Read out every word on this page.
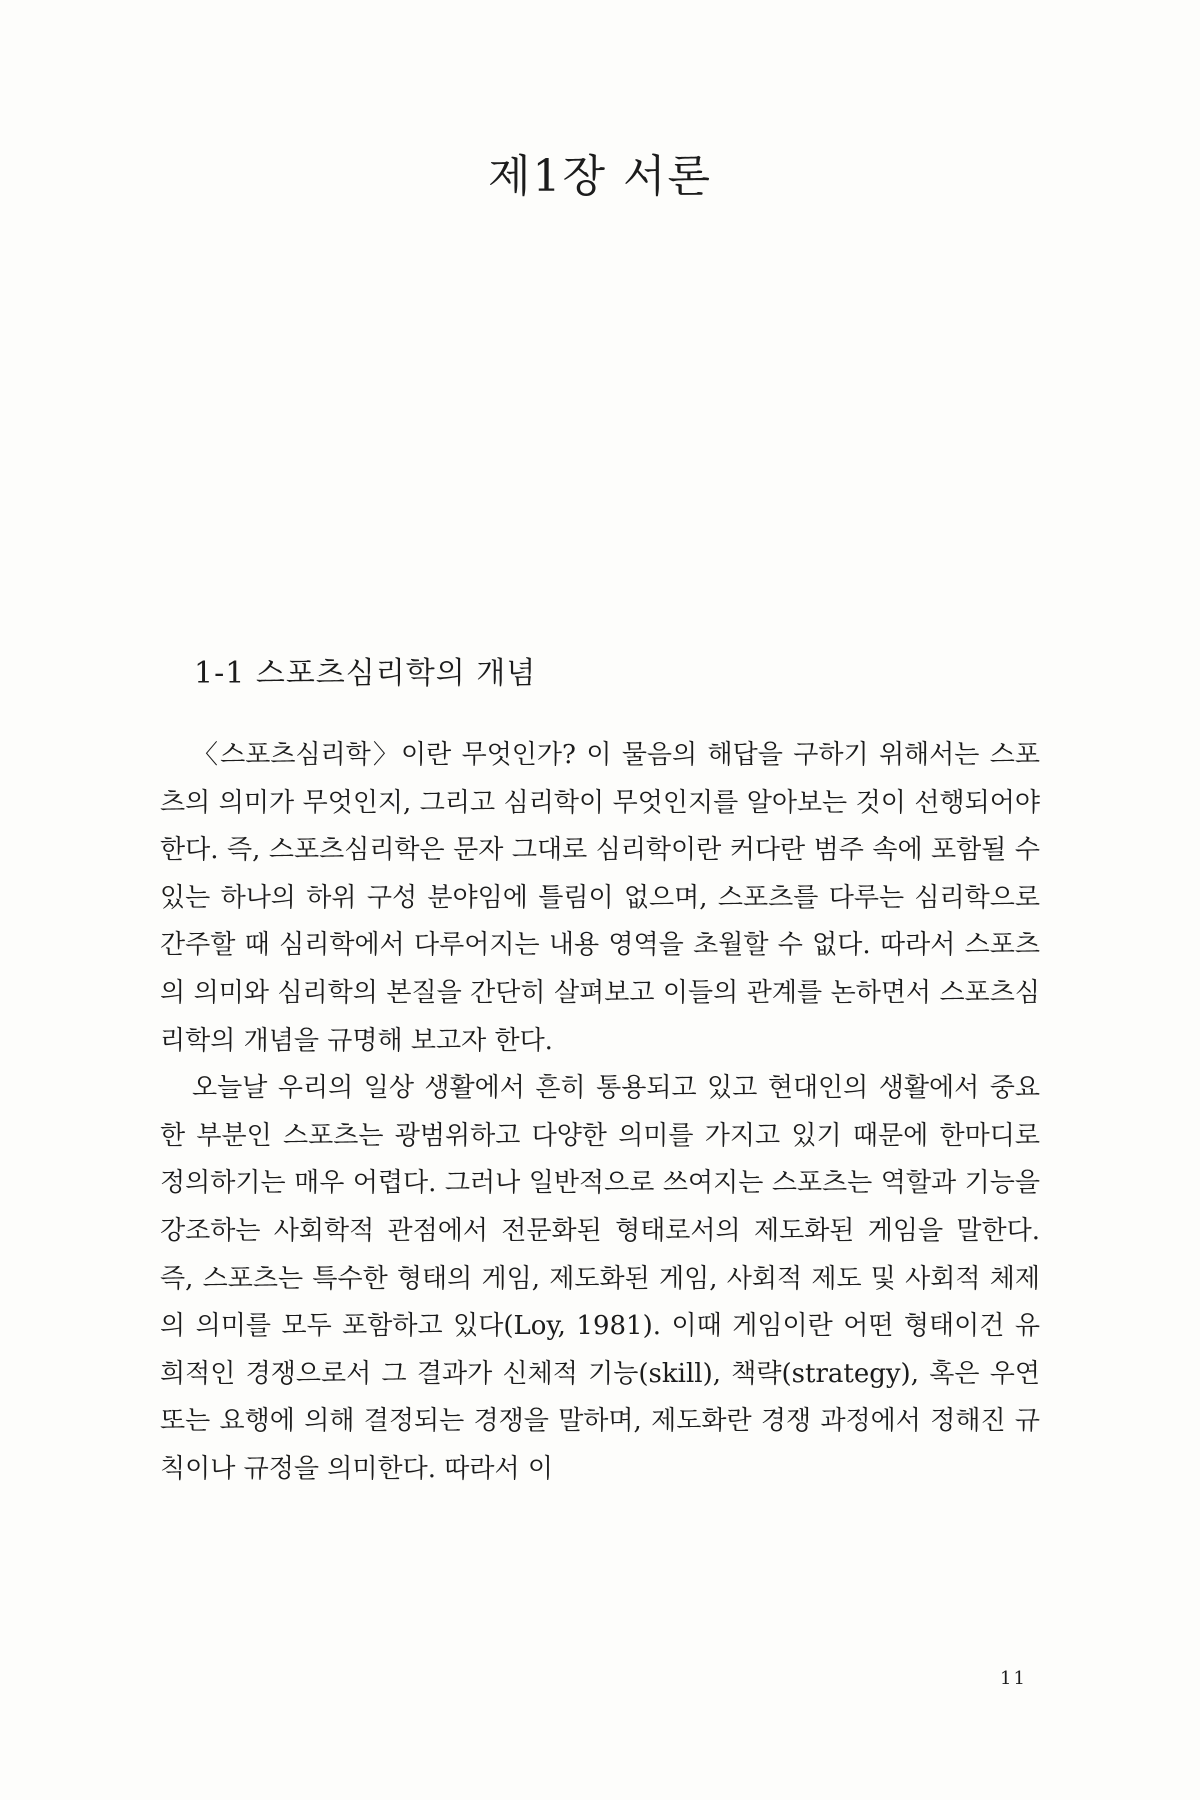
제1장 서론
1-1 스포츠심리학의 개념

〈스포츠심리학〉이란 무엇인가? 이 물음의 해답을 구하기 위해서는 스포츠의 의미가 무엇인지, 그리고 심리학이 무엇인지를 알아보는 것이 선행되어야 한다. 즉, 스포츠심리학은 문자 그대로 심리학이란 커다란 범주 속에 포함될 수 있는 하나의 하위 구성 분야임에 틀림이 없으며, 스포츠를 다루는 심리학으로 간주할 때 심리학에서 다루어지는 내용 영역을 초월할 수 없다. 따라서 스포츠의 의미와 심리학의 본질을 간단히 살펴보고 이들의 관계를 논하면서 스포츠심리학의 개념을 규명해 보고자 한다.

오늘날 우리의 일상 생활에서 흔히 통용되고 있고 현대인의 생활에서 중요한 부분인 스포츠는 광범위하고 다양한 의미를 가지고 있기 때문에 한마디로 정의하기는 매우 어렵다. 그러나 일반적으로 쓰여지는 스포츠는 역할과 기능을 강조하는 사회학적 관점에서 전문화된 형태로서의 제도화된 게임을 말한다. 즉, 스포츠는 특수한 형태의 게임, 제도화된 게임, 사회적 제도 및 사회적 체제의 의미를 모두 포함하고 있다(Loy, 1981). 이때 게임이란 어떤 형태이건 유희적인 경쟁으로서 그 결과가 신체적 기능(skill), 책략(strategy), 혹은 우연 또는 요행에 의해 결정되는 경쟁을 말하며, 제도화란 경쟁 과정에서 정해진 규칙이나 규정을 의미한다. 따라서 이

11
